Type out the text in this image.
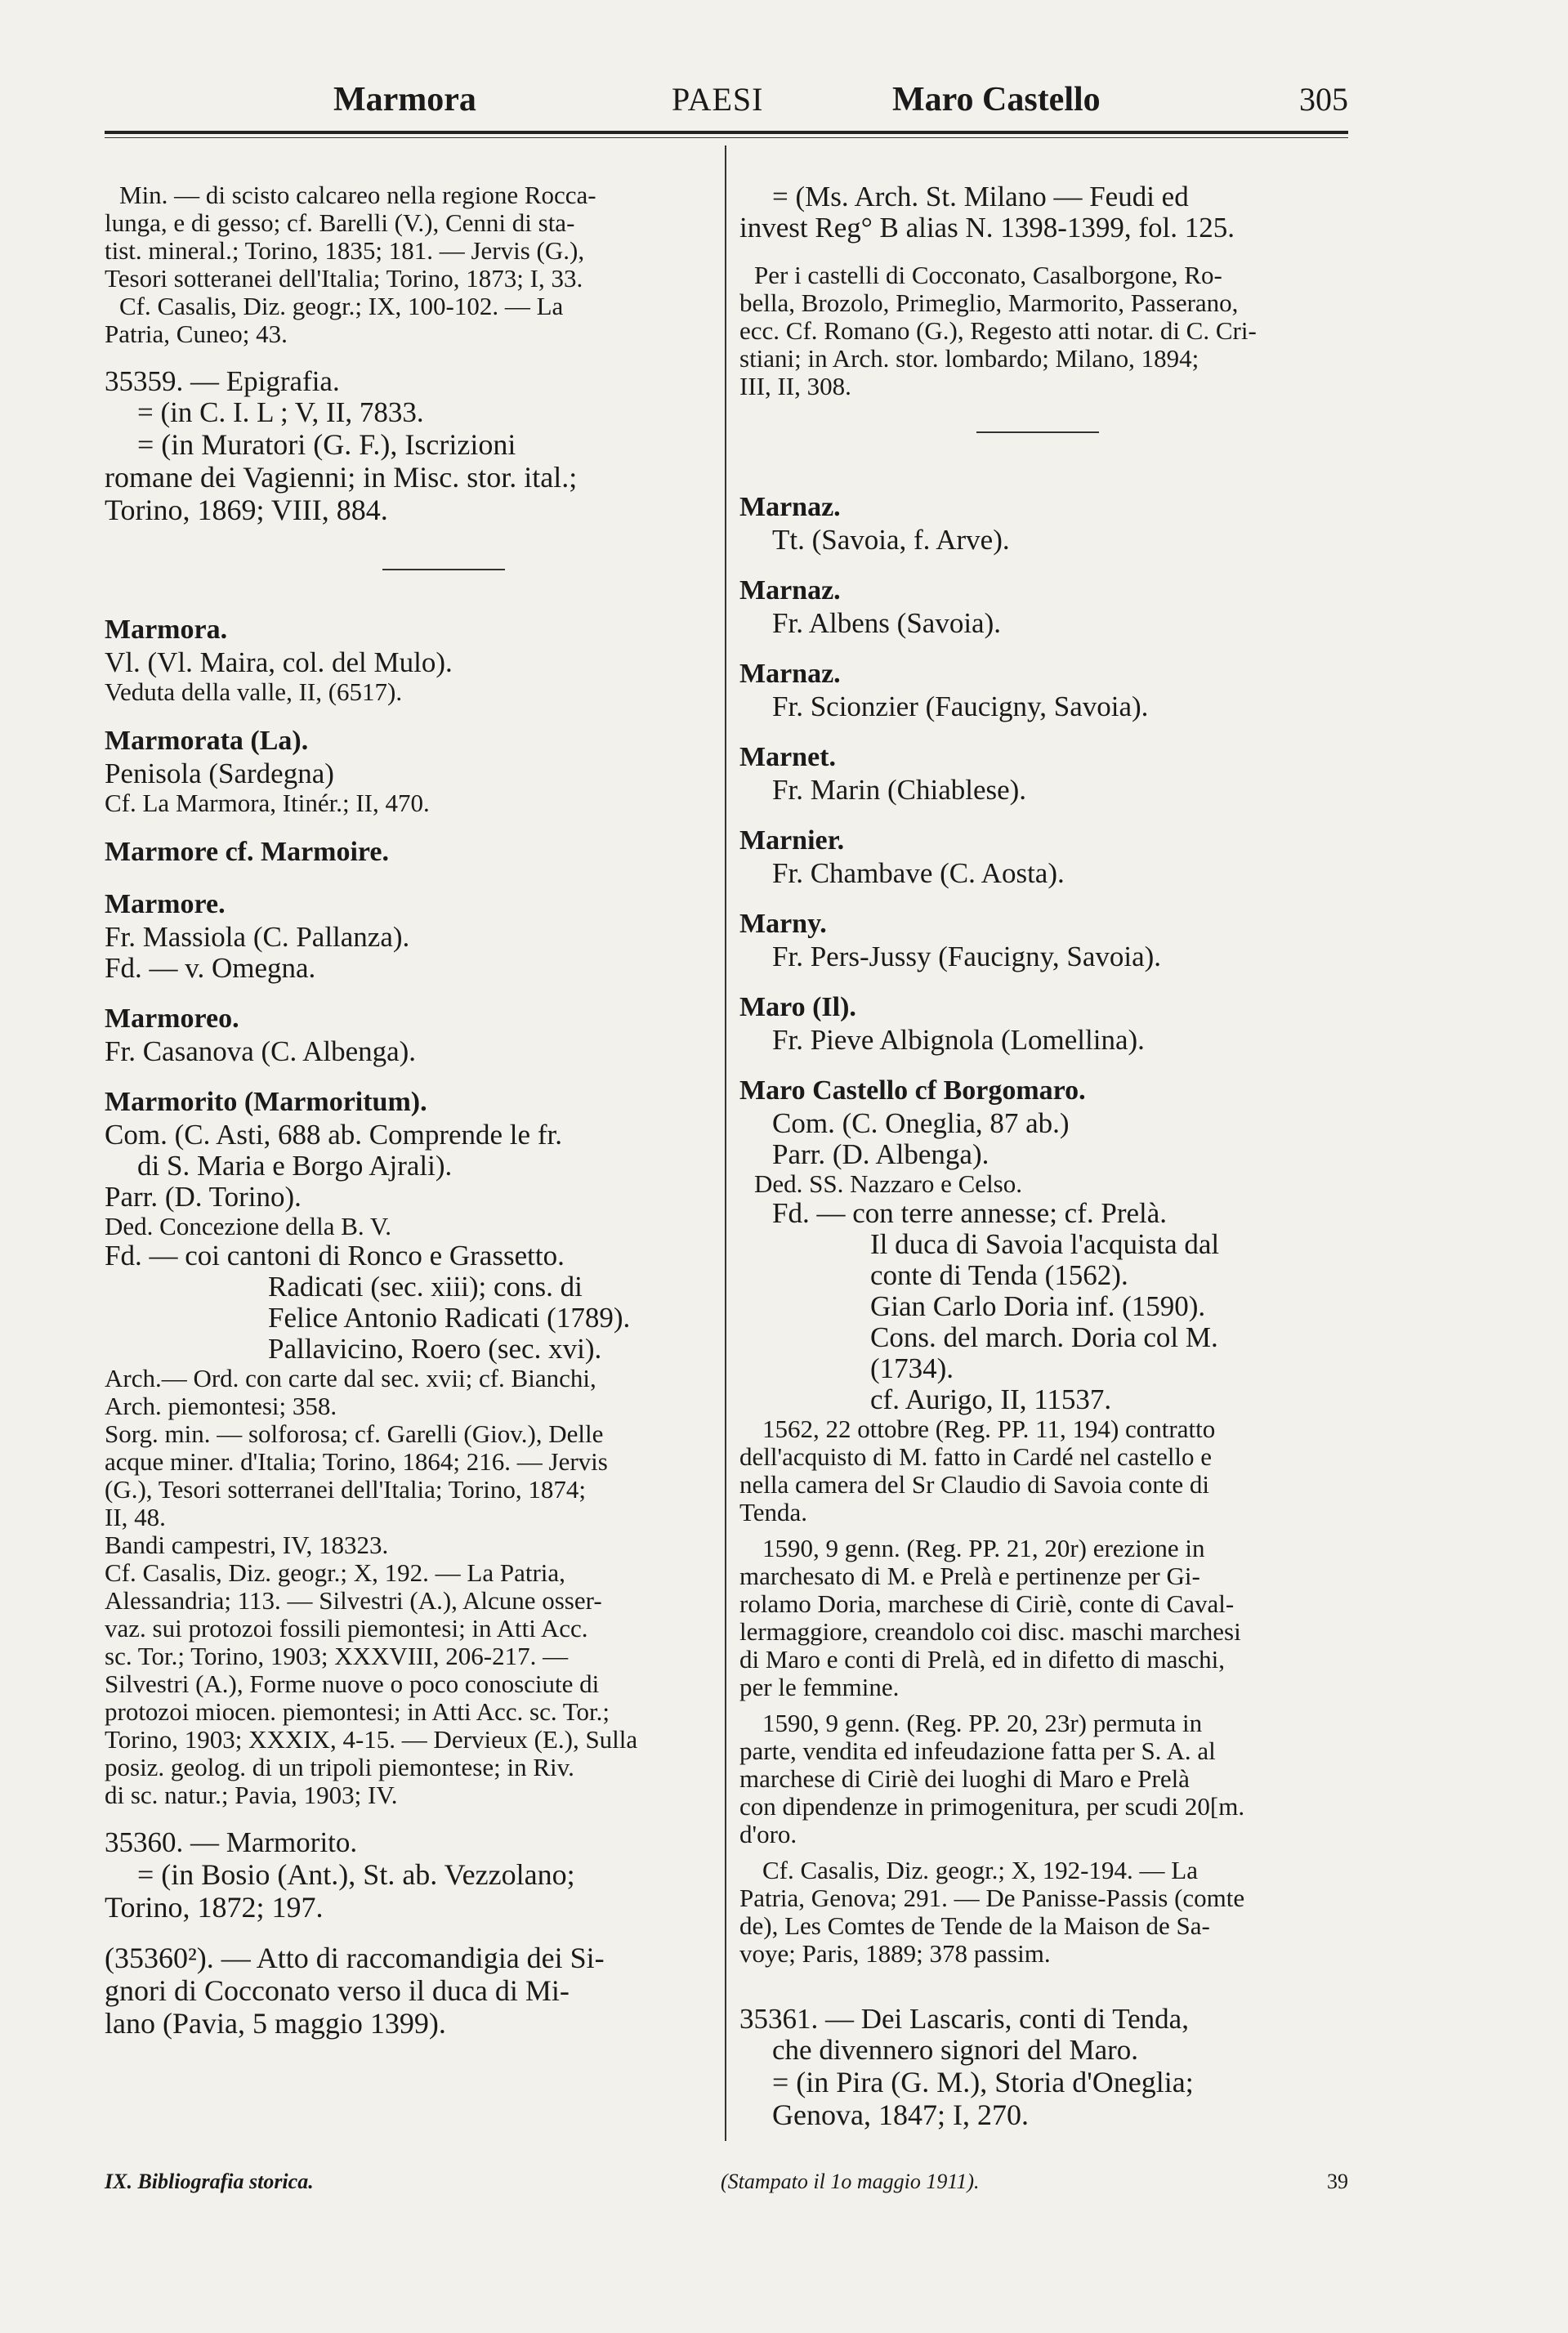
Marmora	PAESI	Maro Castello	305

Min. — di scisto calcareo nella regione Rocca-

lunga, e di gesso; cf. Barelli (V.), Cenni di sta-

tist. mineral.; Torino, 1835; 181. — Jervis (G.),

Tesori sotteranei dell'Italia; Torino, 1873; I, 33.

Cf. Casalis, Diz. geogr.; IX, 100-102. — La

Patria, Cuneo; 43.

35359. — Epigrafia.

= (in C. I. L ; V, II, 7833.

= (in Muratori (G. F.), Iscrizioni

romane dei Vagienni; in Misc. stor. ital.;

Torino, 1869; VIII, 884.

Marmora.

Vl. (Vl. Maira, col. del Mulo).

Veduta della valle, II, (6517).

Marmorata (La).

Penisola (Sardegna)

Cf. La Marmora, Itinér.; II, 470.

Marmore cf. Marmoire.

Marmore.

Fr. Massiola (C. Pallanza).

Fd. — v. Omegna.

Marmoreo.

Fr. Casanova (C. Albenga).

Marmorito (Marmoritum).

Com. (C. Asti, 688 ab. Comprende le fr.

di S. Maria e Borgo Ajrali).

Parr. (D. Torino).

Ded. Concezione della B. V.

Fd. — coi cantoni di Ronco e Grassetto.

Radicati (sec. xiii); cons. di

Felice Antonio Radicati (1789).

Pallavicino, Roero (sec. xvi).

Arch.— Ord. con carte dal sec. xvii; cf. Bianchi,

Arch. piemontesi; 358.

Sorg. min. — solforosa; cf. Garelli (Giov.), Delle

acque miner. d'Italia; Torino, 1864; 216. — Jervis

(G.), Tesori sotterranei dell'Italia; Torino, 1874;

II, 48.

Bandi campestri, IV, 18323.

Cf. Casalis, Diz. geogr.; X, 192. — La Patria,

Alessandria; 113. — Silvestri (A.), Alcune osser-

vaz. sui protozoi fossili piemontesi; in Atti Acc.

sc. Tor.; Torino, 1903; XXXVIII, 206-217. —

Silvestri (A.), Forme nuove o poco conosciute di

protozoi miocen. piemontesi; in Atti Acc. sc. Tor.;

Torino, 1903; XXXIX, 4-15. — Dervieux (E.), Sulla

posiz. geolog. di un tripoli piemontese; in Riv.

di sc. natur.; Pavia, 1903; IV.

35360. — Marmorito.

= (in Bosio (Ant.), St. ab. Vezzolano;

Torino, 1872; 197.

(35360²). — Atto di raccomandigia dei Si-

gnori di Cocconato verso il duca di Mi-

lano (Pavia, 5 maggio 1399).

= (Ms. Arch. St. Milano — Feudi ed

invest Reg° B alias N. 1398-1399, fol. 125.

Per i castelli di Cocconato, Casalborgone, Ro-

bella, Brozolo, Primeglio, Marmorito, Passerano,

ecc. Cf. Romano (G.), Regesto atti notar. di C. Cri-

stiani; in Arch. stor. lombardo; Milano, 1894;

III, II, 308.

Marnaz.

Tt. (Savoia, f. Arve).

Marnaz.

Fr. Albens (Savoia).

Marnaz.

Fr. Scionzier (Faucigny, Savoia).

Marnet.

Fr. Marin (Chiablese).

Marnier.

Fr. Chambave (C. Aosta).

Marny.

Fr. Pers-Jussy (Faucigny, Savoia).

Maro (Il).

Fr. Pieve Albignola (Lomellina).

Maro Castello cf Borgomaro.

Com. (C. Oneglia, 87 ab.)

Parr. (D. Albenga).

Ded. SS. Nazzaro e Celso.

Fd. — con terre annesse; cf. Prelà.

Il duca di Savoia l'acquista dal

conte di Tenda (1562).

Gian Carlo Doria inf. (1590).

Cons. del march. Doria col M.

(1734).

cf. Aurigo, II, 11537.

1562, 22 ottobre (Reg. PP. 11, 194) contratto

dell'acquisto di M. fatto in Cardé nel castello e

nella camera del Sr Claudio di Savoia conte di

Tenda.

1590, 9 genn. (Reg. PP. 21, 20r) erezione in

marchesato di M. e Prelà e pertinenze per Gi-

rolamo Doria, marchese di Ciriè, conte di Caval-

lermaggiore, creandolo coi disc. maschi marchesi

di Maro e conti di Prelà, ed in difetto di maschi,

per le femmine.

1590, 9 genn. (Reg. PP. 20, 23r) permuta in

parte, vendita ed infeudazione fatta per S. A. al

marchese di Ciriè dei luoghi di Maro e Prelà

con dipendenze in primogenitura, per scudi 20[m.

d'oro.

Cf. Casalis, Diz. geogr.; X, 192-194. — La

Patria, Genova; 291. — De Panisse-Passis (comte

de), Les Comtes de Tende de la Maison de Sa-

voye; Paris, 1889; 378 passim.

35361. — Dei Lascaris, conti di Tenda,

che divennero signori del Maro.

= (in Pira (G. M.), Storia d'Oneglia;

Genova, 1847; I, 270.

IX. Bibliografia storica.	(Stampato il 1o maggio 1911).	39
